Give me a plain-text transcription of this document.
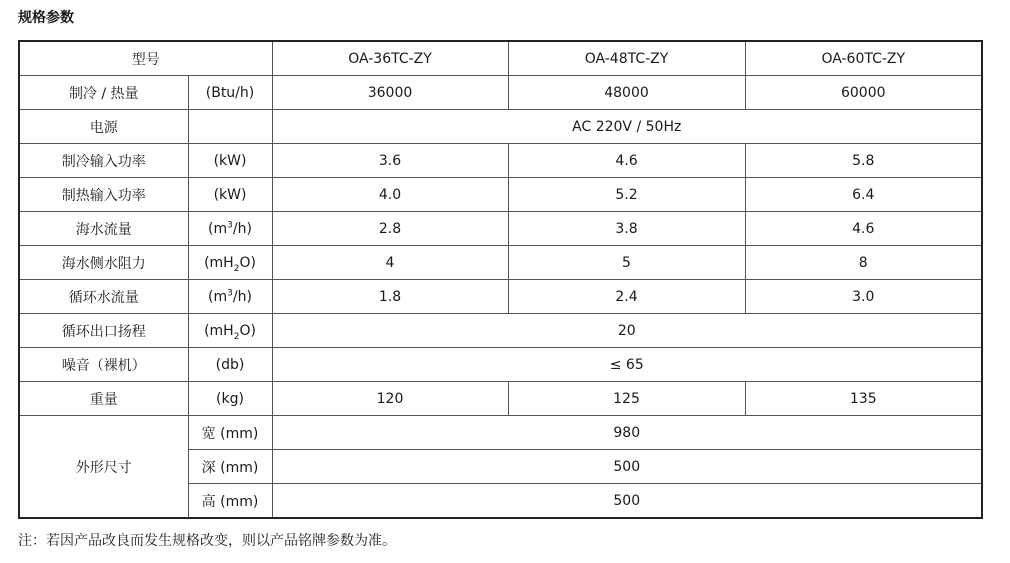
规格参数
型号		OA-36TC-ZY	OA-48TC-ZY	OA-60TC-ZY
制冷 / 热量	(Btu/h)	36000	48000	60000
电源		AC 220V / 50Hz		
制冷输入功率	(kW)	3.6	4.6	5.8
制热输入功率	(kW)	4.0	5.2	6.4
海水流量	$(m^3/h)$	2.8	3.8	4.6
海水侧水阻力	$(mH_2O)$	4	5	8
循环水流量	$(m^3/h)$	1.8	2.4	3.0
循环出口扬程	$(mH_2O)$	20		
噪音（裸机）	(db)	≤ 65		
重量	(kg)	120	125	135
外形尺寸	宽 (mm)	980		
	深 (mm)	500		
	高 (mm)	500		
注：若因产品改良而发生规格改变，则以产品铭牌参数为准。
